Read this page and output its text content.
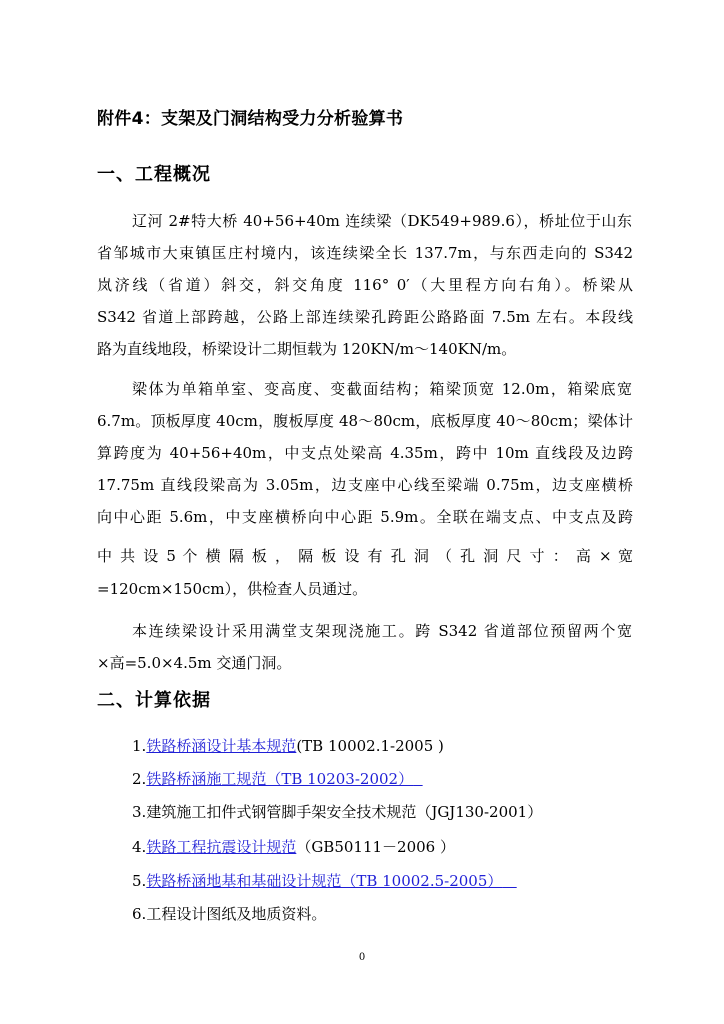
附件4：支架及门洞结构受力分析验算书
一、工程概况
辽河 2#特大桥 40+56+40m 连续梁（DK549+989.6），桥址位于山东
省邹城市大束镇匡庄村境内，该连续梁全长 137.7m，与东西走向的 S342
岚济线（省道）斜交，斜交角度 116° 0′（大里程方向右角）。桥梁从
S342 省道上部跨越，公路上部连续梁孔跨距公路路面 7.5m 左右。本段线
路为直线地段，桥梁设计二期恒载为 120KN/m～140KN/m。
梁体为单箱单室、变高度、变截面结构；箱梁顶宽 12.0m，箱梁底宽
6.7m。顶板厚度 40cm，腹板厚度 48～80cm，底板厚度 40～80cm；梁体计
算跨度为 40+56+40m，中支点处梁高 4.35m，跨中 10m 直线段及边跨
17.75m 直线段梁高为 3.05m，边支座中心线至梁端 0.75m，边支座横桥
向中心距 5.6m，中支座横桥向中心距 5.9m。全联在端支点、中支点及跨
中 共 设 5 个 横 隔 板 ， 隔 板 设 有 孔 洞 （ 孔 洞 尺 寸 ： 高 × 宽
=120cm×150cm），供检查人员通过。
本连续梁设计采用满堂支架现浇施工。跨 S342 省道部位预留两个宽
×高=5.0×4.5m 交通门洞。
二、计算依据
1.铁路桥涵设计基本规范(TB 10002.1-2005 )
2.铁路桥涵施工规范（TB 10203-2002）
3.建筑施工扣件式钢管脚手架安全技术规范（JGJ130-2001）
4.铁路工程抗震设计规范（GB50111－2006 ）
5.铁路桥涵地基和基础设计规范（TB 10002.5-2005）
6.工程设计图纸及地质资料。
0
